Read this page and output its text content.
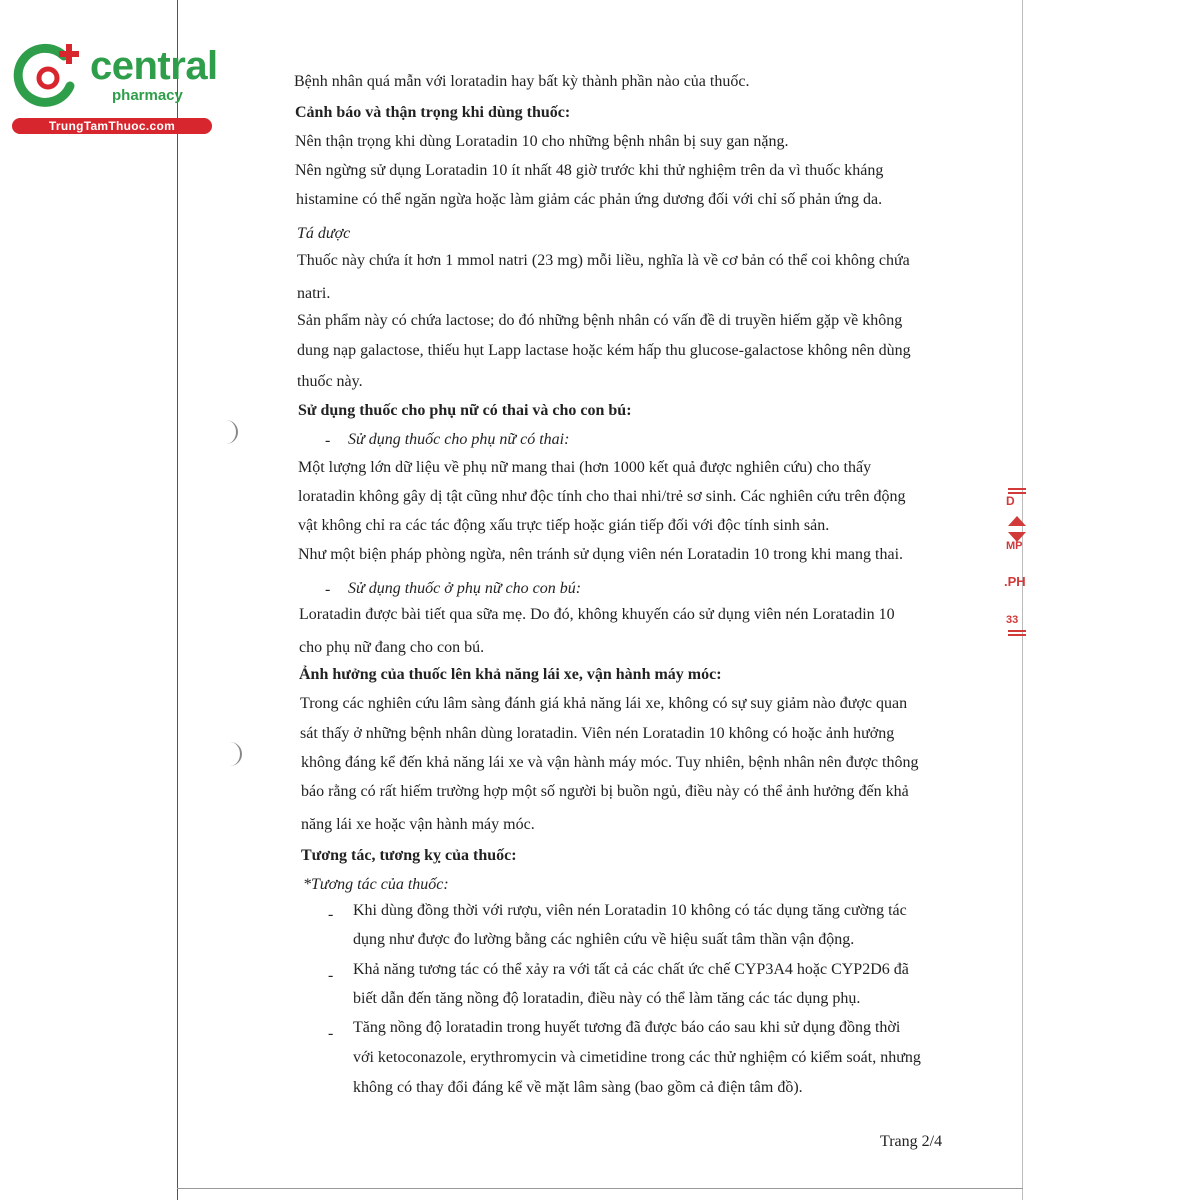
central
pharmacy
TrungTamThuoc.com
D
MP
.PH
33
Bệnh nhân quá mẫn với loratadin hay bất kỳ thành phần nào của thuốc.
Cảnh báo và thận trọng khi dùng thuốc:
Nên thận trọng khi dùng Loratadin 10 cho những bệnh nhân bị suy gan nặng.
Nên ngừng sử dụng Loratadin 10 ít nhất 48 giờ trước khi thử nghiệm trên da vì thuốc kháng
histamine có thể ngăn ngừa hoặc làm giảm các phản ứng dương đối với chỉ số phản ứng da.
Tá dược
Thuốc này chứa ít hơn 1 mmol natri (23 mg) mỗi liều, nghĩa là về cơ bản có thể coi không chứa
natri.
Sản phẩm này có chứa lactose; do đó những bệnh nhân có vấn đề di truyền hiếm gặp về không
dung nạp galactose, thiếu hụt Lapp lactase hoặc kém hấp thu glucose-galactose không nên dùng
thuốc này.
Sử dụng thuốc cho phụ nữ có thai và cho con bú:
- Sử dụng thuốc cho phụ nữ có thai:
Một lượng lớn dữ liệu về phụ nữ mang thai (hơn 1000 kết quả được nghiên cứu) cho thấy
loratadin không gây dị tật cũng như độc tính cho thai nhi/trẻ sơ sinh. Các nghiên cứu trên động
vật không chỉ ra các tác động xấu trực tiếp hoặc gián tiếp đối với độc tính sinh sản.
Như một biện pháp phòng ngừa, nên tránh sử dụng viên nén Loratadin 10 trong khi mang thai.
- Sử dụng thuốc ở phụ nữ cho con bú:
Loratadin được bài tiết qua sữa mẹ. Do đó, không khuyến cáo sử dụng viên nén Loratadin 10
cho phụ nữ đang cho con bú.
Ảnh hưởng của thuốc lên khả năng lái xe, vận hành máy móc:
Trong các nghiên cứu lâm sàng đánh giá khả năng lái xe, không có sự suy giảm nào được quan
sát thấy ở những bệnh nhân dùng loratadin. Viên nén Loratadin 10 không có hoặc ảnh hưởng
không đáng kể đến khả năng lái xe và vận hành máy móc. Tuy nhiên, bệnh nhân nên được thông
báo rằng có rất hiếm trường hợp một số người bị buồn ngủ, điều này có thể ảnh hưởng đến khả
năng lái xe hoặc vận hành máy móc.
Tương tác, tương kỵ của thuốc:
*Tương tác của thuốc:
- Khi dùng đồng thời với rượu, viên nén Loratadin 10 không có tác dụng tăng cường tác
dụng như được đo lường bằng các nghiên cứu về hiệu suất tâm thần vận động.
- Khả năng tương tác có thể xảy ra với tất cả các chất ức chế CYP3A4 hoặc CYP2D6 đã
biết dẫn đến tăng nồng độ loratadin, điều này có thể làm tăng các tác dụng phụ.
- Tăng nồng độ loratadin trong huyết tương đã được báo cáo sau khi sử dụng đồng thời
với ketoconazole, erythromycin và cimetidine trong các thử nghiệm có kiểm soát, nhưng
không có thay đổi đáng kể về mặt lâm sàng (bao gồm cả điện tâm đồ).
Trang 2/4
